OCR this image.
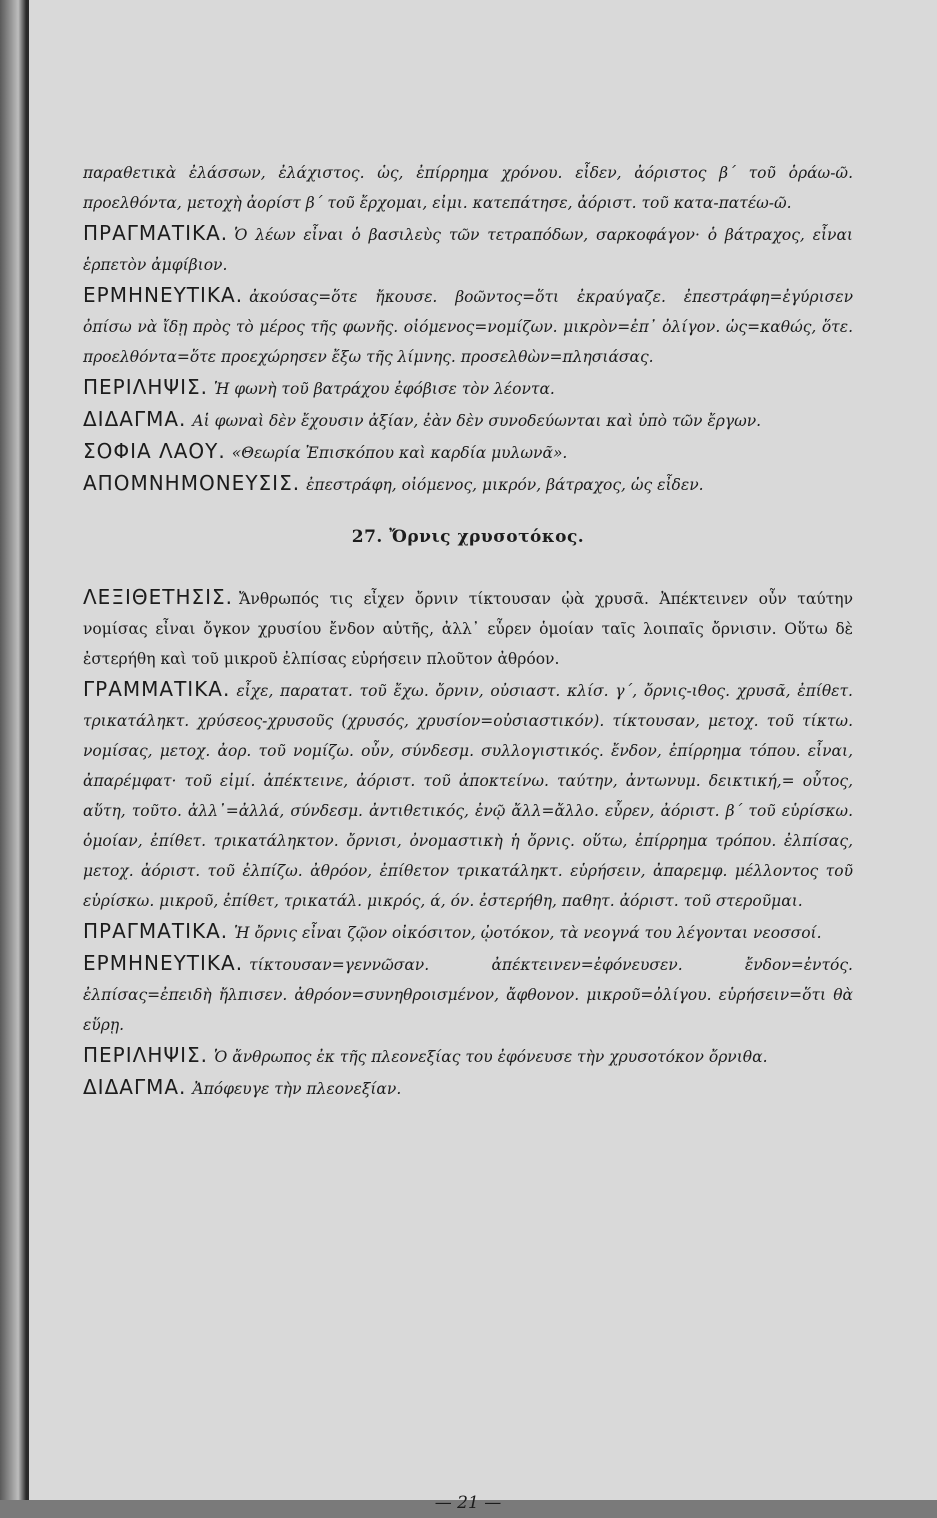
παραθετικὰ ἐλάσσων, ἐλάχιστος. ὡς, ἐπίρρημα χρόνου. εἶδεν, ἀόριστος β΄ τοῦ ὁράω-ῶ. προελθόντα, μετοχὴ ἀορίστ β΄ τοῦ ἔρχομαι, εἰμι. κατεπάτησε, ἀόριστ. τοῦ κατα-πατέω-ῶ.

ΠΡΑΓΜΑΤΙΚΑ. Ὁ λέων εἶναι ὁ βασιλεὺς τῶν τετραπόδων, σαρκοφάγον· ὁ βάτραχος, εἶναι ἑρπετὸν ἀμφίβιον.

ΕΡΜΗΝΕΥΤΙΚΑ. ἀκούσας=ὅτε ἤκουσε. βοῶντος=ὅτι ἐκραύγαζε. ἐπεστράφη=ἐγύρισεν ὀπίσω νὰ ἴδῃ πρὸς τὸ μέρος τῆς φωνῆς. οἰόμενος=νομίζων. μικρὸν=ἐπ᾽ ὀλίγον. ὡς=καθώς, ὅτε. προελθόντα=ὅτε προεχώρησεν ἔξω τῆς λίμνης. προσελθὼν=πλησιάσας.

ΠΕΡΙΛΗΨΙΣ. Ἡ φωνὴ τοῦ βατράχου ἐφόβισε τὸν λέοντα.

ΔΙΔΑΓΜΑ. Αἱ φωναὶ δὲν ἔχουσιν ἀξίαν, ἐὰν δὲν συνοδεύωνται καὶ ὑπὸ τῶν ἔργων.

ΣΟΦΙΑ ΛΑΟΥ. «Θεωρία Ἐπισκόπου καὶ καρδία μυλωνᾶ».

ΑΠΟΜΝΗΜΟΝΕΥΣΙΣ. ἐπεστράφη, οἰόμενος, μικρόν, βάτραχος, ὡς εἶδεν.

27. Ὄρνις χρυσοτόκος.

ΛΕΞΙΘΕΤΗΣΙΣ. Ἄνθρωπός τις εἶχεν ὄρνιν τίκτουσαν ᾠὰ χρυσᾶ. Ἀπέκτεινεν οὖν ταύτην νομίσας εἶναι ὄγκον χρυσίου ἔνδον αὐτῆς, ἀλλ᾽ εὗρεν ὁμοίαν ταῖς λοιπαῖς ὄρνισιν. Οὕτω δὲ ἐστερήθη καὶ τοῦ μικροῦ ἐλπίσας εὑρήσειν πλοῦτον ἀθρόον.

ΓΡΑΜΜΑΤΙΚΑ. εἶχε, παρατατ. τοῦ ἔχω. ὄρνιν, οὐσιαστ. κλίσ. γ΄, ὄρνις-ιθος. χρυσᾶ, ἐπίθετ. τρικατάληκτ. χρύσεος-χρυσοῦς (χρυσός, χρυσίον=οὐσιαστικόν). τίκτουσαν, μετοχ. τοῦ τίκτω. νομίσας, μετοχ. ἀορ. τοῦ νομίζω. οὖν, σύνδεσμ. συλλογιστικός. ἔνδον, ἐπίρρημα τόπου. εἶναι, ἀπαρέμφατ· τοῦ εἰμί. ἀπέκτεινε, ἀόριστ. τοῦ ἀποκτείνω. ταύτην, ἀντωνυμ. δεικτική,= οὗτος, αὕτη, τοῦτο. ἀλλ᾽=ἀλλά, σύνδεσμ. ἀντιθετικός, ἐνῷ ἄλλ=ἄλλο. εὗρεν, ἀόριστ. β΄ τοῦ εὑρίσκω. ὁμοίαν, ἐπίθετ. τρικατάληκτον. ὄρνισι, ὀνομαστικὴ ἡ ὄρνις. οὕτω, ἐπίρρημα τρόπου. ἐλπίσας, μετοχ. ἀόριστ. τοῦ ἐλπίζω. ἀθρόον, ἐπίθετον τρικατάληκτ. εὑρήσειν, ἀπαρεμφ. μέλλοντος τοῦ εὑρίσκω. μικροῦ, ἐπίθετ, τρικατάλ. μικρός, ά, όν. ἐστερήθη, παθητ. ἀόριστ. τοῦ στεροῦμαι.

ΠΡΑΓΜΑΤΙΚΑ. Ἡ ὄρνις εἶναι ζῷον οἰκόσιτον, ᾠοτόκον, τὰ νεογνά του λέγονται νεοσσοί.

ΕΡΜΗΝΕΥΤΙΚΑ. τίκτουσαν=γεννῶσαν. ἀπέκτεινεν=ἐφόνευσεν. ἔνδον=ἐντός. ἐλπίσας=ἐπειδὴ ἤλπισεν. ἀθρόον=συνηθροισμένον, ἄφθονον. μικροῦ=ὀλίγου. εὑρήσειν=ὅτι θὰ εὕρῃ.

ΠΕΡΙΛΗΨΙΣ. Ὁ ἄνθρωπος ἐκ τῆς πλεονεξίας του ἐφόνευσε τὴν χρυσοτόκον ὄρνιθα.

ΔΙΔΑΓΜΑ. Ἀπόφευγε τὴν πλεονεξίαν.

— 21 —
